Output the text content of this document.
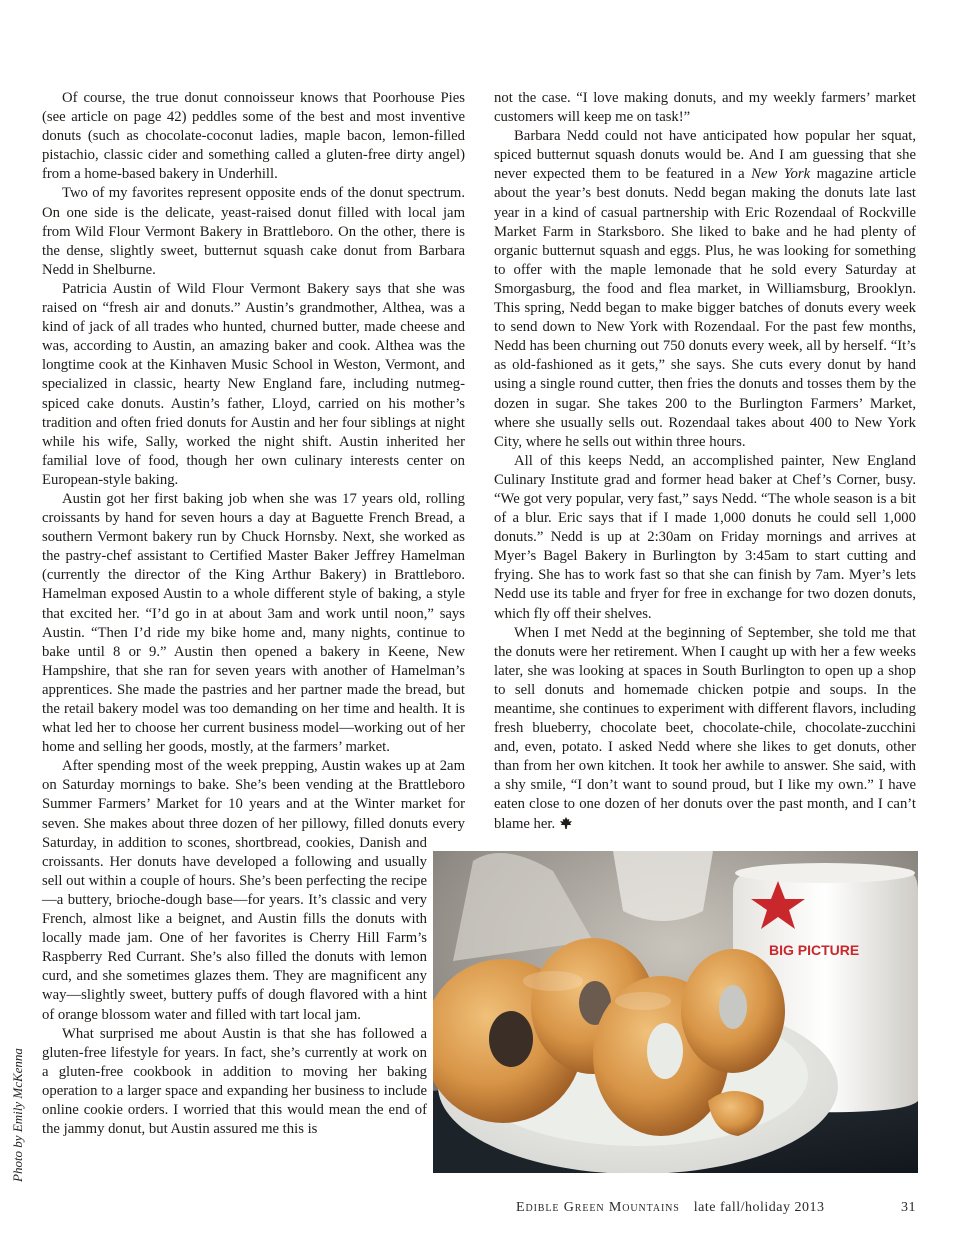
Of course, the true donut connoisseur knows that Poorhouse Pies (see article on page 42) peddles some of the best and most inventive donuts (such as chocolate-coconut ladies, maple bacon, lemon-filled pistachio, classic cider and something called a gluten-free dirty angel) from a home-based bakery in Underhill.

Two of my favorites represent opposite ends of the donut spectrum. On one side is the delicate, yeast-raised donut filled with local jam from Wild Flour Vermont Bakery in Brattleboro. On the other, there is the dense, slightly sweet, butternut squash cake donut from Barbara Nedd in Shelburne.

Patricia Austin of Wild Flour Vermont Bakery says that she was raised on “fresh air and donuts.” Austin’s grandmother, Althea, was a kind of jack of all trades who hunted, churned butter, made cheese and was, according to Austin, an amazing baker and cook. Althea was the longtime cook at the Kinhaven Music School in Weston, Vermont, and specialized in classic, hearty New England fare, including nutmeg-spiced cake donuts. Austin’s father, Lloyd, carried on his mother’s tradition and often fried donuts for Austin and her four siblings at night while his wife, Sally, worked the night shift. Austin inherited her familial love of food, though her own culinary interests center on European-style baking.

Austin got her first baking job when she was 17 years old, rolling croissants by hand for seven hours a day at Baguette French Bread, a southern Vermont bakery run by Chuck Hornsby. Next, she worked as the pastry-chef assistant to Certified Master Baker Jeffrey Hamelman (currently the director of the King Arthur Bakery) in Brattleboro. Hamelman exposed Austin to a whole different style of baking, a style that excited her. “I’d go in at about 3am and work until noon,” says Austin. “Then I’d ride my bike home and, many nights, continue to bake until 8 or 9.” Austin then opened a bakery in Keene, New Hampshire, that she ran for seven years with another of Hamelman’s apprentices. She made the pastries and her partner made the bread, but the retail bakery model was too demanding on her time and health. It is what led her to choose her current business model—working out of her home and selling her goods, mostly, at the farmers’ market.

After spending most of the week prepping, Austin wakes up at 2am on Saturday mornings to bake. She’s been vending at the Brattleboro Summer Farmers’ Market for 10 years and at the Winter market for seven. She makes about three dozen of her pillowy, filled donuts every Saturday, in addition to scones, shortbread, cookies, Danish and croissants. Her donuts have developed a following and usually sell out within a couple of hours. She’s been perfecting the recipe—a buttery, brioche-dough base—for years. It’s classic and very French, almost like a beignet, and Austin fills the donuts with locally made jam. One of her favorites is Cherry Hill Farm’s Raspberry Red Currant. She’s also filled the donuts with lemon curd, and she sometimes glazes them. They are magnificent any way—slightly sweet, buttery puffs of dough flavored with a hint of orange blossom water and filled with tart local jam.

What surprised me about Austin is that she has followed a gluten-free lifestyle for years. In fact, she’s currently at work on a gluten-free cookbook in addition to moving her baking operation to a larger space and expanding her business to include online cookie orders. I worried that this would mean the end of the jammy donut, but Austin assured me this is

not the case. “I love making donuts, and my weekly farmers’ market customers will keep me on task!”

Barbara Nedd could not have anticipated how popular her squat, spiced butternut squash donuts would be. And I am guessing that she never expected them to be featured in a New York magazine article about the year’s best donuts. Nedd began making the donuts late last year in a kind of casual partnership with Eric Rozendaal of Rockville Market Farm in Starksboro. She liked to bake and he had plenty of organic butternut squash and eggs. Plus, he was looking for something to offer with the maple lemonade that he sold every Saturday at Smorgasburg, the food and flea market, in Williamsburg, Brooklyn. This spring, Nedd began to make bigger batches of donuts every week to send down to New York with Rozendaal. For the past few months, Nedd has been churning out 750 donuts every week, all by herself. “It’s as old-fashioned as it gets,” she says. She cuts every donut by hand using a single round cutter, then fries the donuts and tosses them by the dozen in sugar. She takes 200 to the Burlington Farmers’ Market, where she usually sells out. Rozendaal takes about 400 to New York City, where he sells out within three hours.

All of this keeps Nedd, an accomplished painter, New England Culinary Institute grad and former head baker at Chef’s Corner, busy. “We got very popular, very fast,” says Nedd. “The whole season is a bit of a blur. Eric says that if I made 1,000 donuts he could sell 1,000 donuts.” Nedd is up at 2:30am on Friday mornings and arrives at Myer’s Bagel Bakery in Burlington by 3:45am to start cutting and frying. She has to work fast so that she can finish by 7am. Myer’s lets Nedd use its table and fryer for free in exchange for two dozen donuts, which fly off their shelves.

When I met Nedd at the beginning of September, she told me that the donuts were her retirement. When I caught up with her a few weeks later, she was looking at spaces in South Burlington to open up a shop to sell donuts and homemade chicken potpie and soups. In the meantime, she continues to experiment with different flavors, including fresh blueberry, chocolate beet, chocolate-chile, chocolate-zucchini and, even, potato. I asked Nedd where she likes to get donuts, other than from her own kitchen. It took her awhile to answer. She said, with a shy smile, “I don’t want to sound proud, but I like my own.” I have eaten close to one dozen of her donuts over the past month, and I can’t blame her.

Photo by Emily McKenna
BIG PICTURE
Edible Green Mountains late fall/holiday 2013	31
